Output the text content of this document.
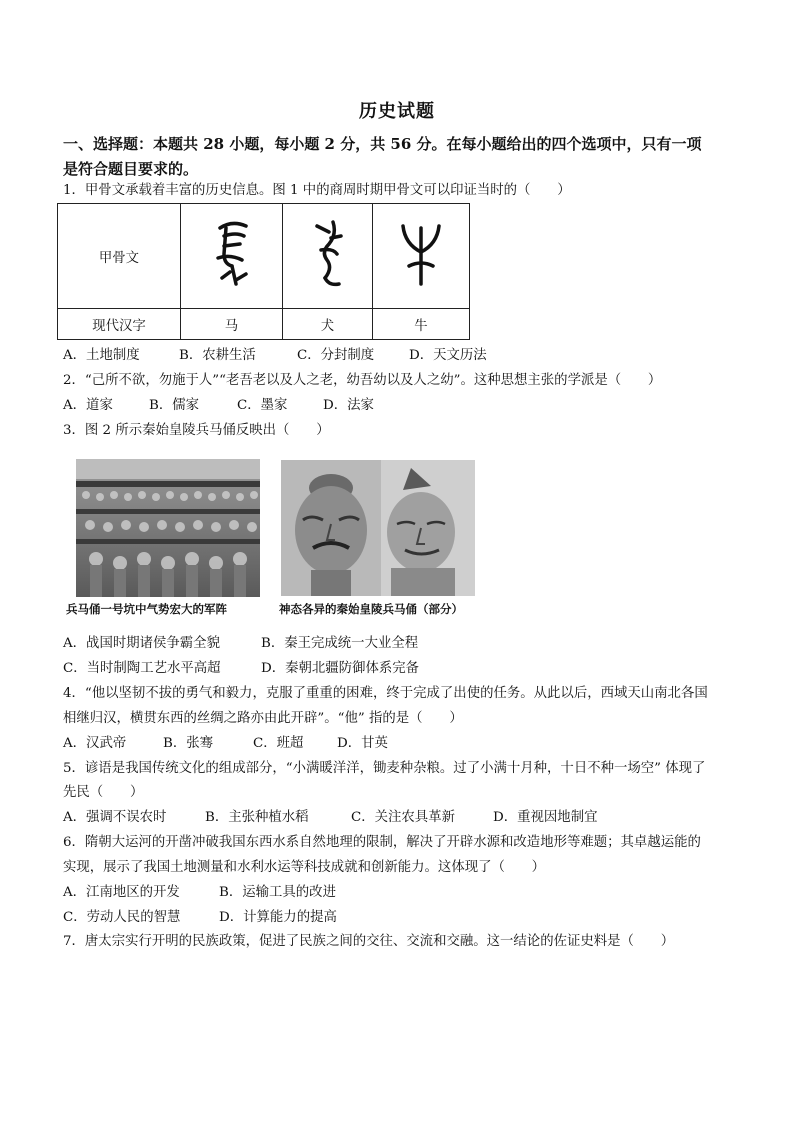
历史试题
一、选择题：本题共 28 小题，每小题 2 分，共 56 分。在每小题给出的四个选项中，只有一项
是符合题目要求的。
1．甲骨文承载着丰富的历史信息。图 1 中的商周时期甲骨文可以印证当时的（　　）
甲骨文			
现代汉字	马	犬	牛
A．土地制度	B．农耕生活	C．分封制度	D．天文历法
2．“己所不欲，勿施于人”“老吾老以及人之老，幼吾幼以及人之幼”。这种思想主张的学派是（　　）
A．道家	B．儒家	C．墨家	D．法家
3．图 2 所示秦始皇陵兵马俑反映出（　　）
兵马俑一号坑中气势宏大的军阵	神态各异的秦始皇陵兵马俑（部分）
A．战国时期诸侯争霸全貌	B．秦王完成统一大业全程
C．当时制陶工艺水平高超	D．秦朝北疆防御体系完备
4．“他以坚韧不拔的勇气和毅力，克服了重重的困难，终于完成了出使的任务。从此以后，西域天山南北各国
相继归汉，横贯东西的丝绸之路亦由此开辟”。“他” 指的是（　　）
A．汉武帝	B．张骞	C．班超	D．甘英
5．谚语是我国传统文化的组成部分，“小满暖洋洋，锄麦种杂粮。过了小满十月种，十日不种一场空” 体现了
先民（　　）
A．强调不误农时	B．主张种植水稻	C．关注农具革新	D．重视因地制宜
6．隋朝大运河的开凿冲破我国东西水系自然地理的限制，解决了开辟水源和改造地形等难题；其卓越运能的
实现，展示了我国土地测量和水利水运等科技成就和创新能力。这体现了（　　）
A．江南地区的开发	B．运输工具的改进
C．劳动人民的智慧	D．计算能力的提高
7．唐太宗实行开明的民族政策，促进了民族之间的交往、交流和交融。这一结论的佐证史料是（　　）
